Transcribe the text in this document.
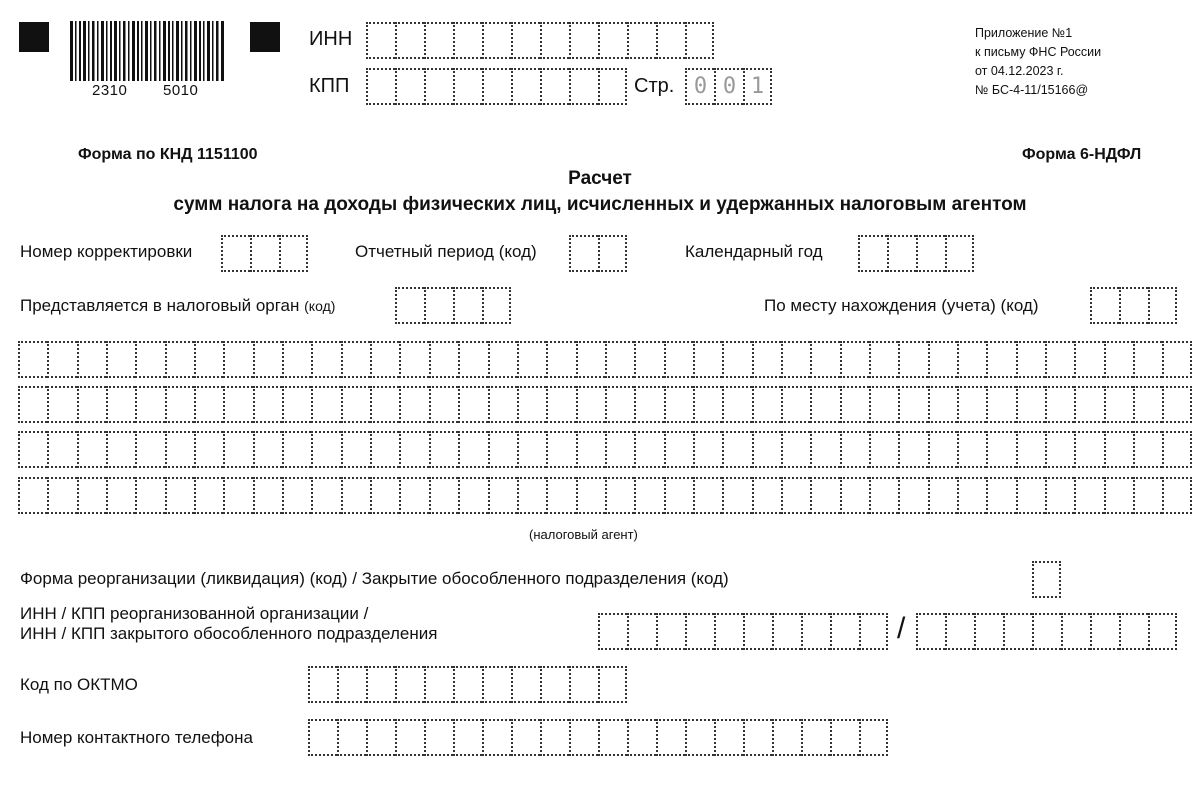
2310 5010
ИНН
КПП	Стр. 0 0 1
Приложение №1
к письму ФНС России
от 04.12.2023 г.
№ БС-4-11/15166@
Форма по КНД 1151100	Форма 6-НДФЛ
Расчет
сумм налога на доходы физических лиц, исчисленных и удержанных налоговым агентом
Номер корректировки	Отчетный период (код)	Календарный год
Представляется в налоговый орган (код)	По месту нахождения (учета) (код)
(налоговый агент)
Форма реорганизации (ликвидация) (код) / Закрытие обособленного подразделения (код)
ИНН / КПП реорганизованной организации /
ИНН / КПП закрытого обособленного подразделения	/
Код по ОКТМО
Номер контактного телефона
